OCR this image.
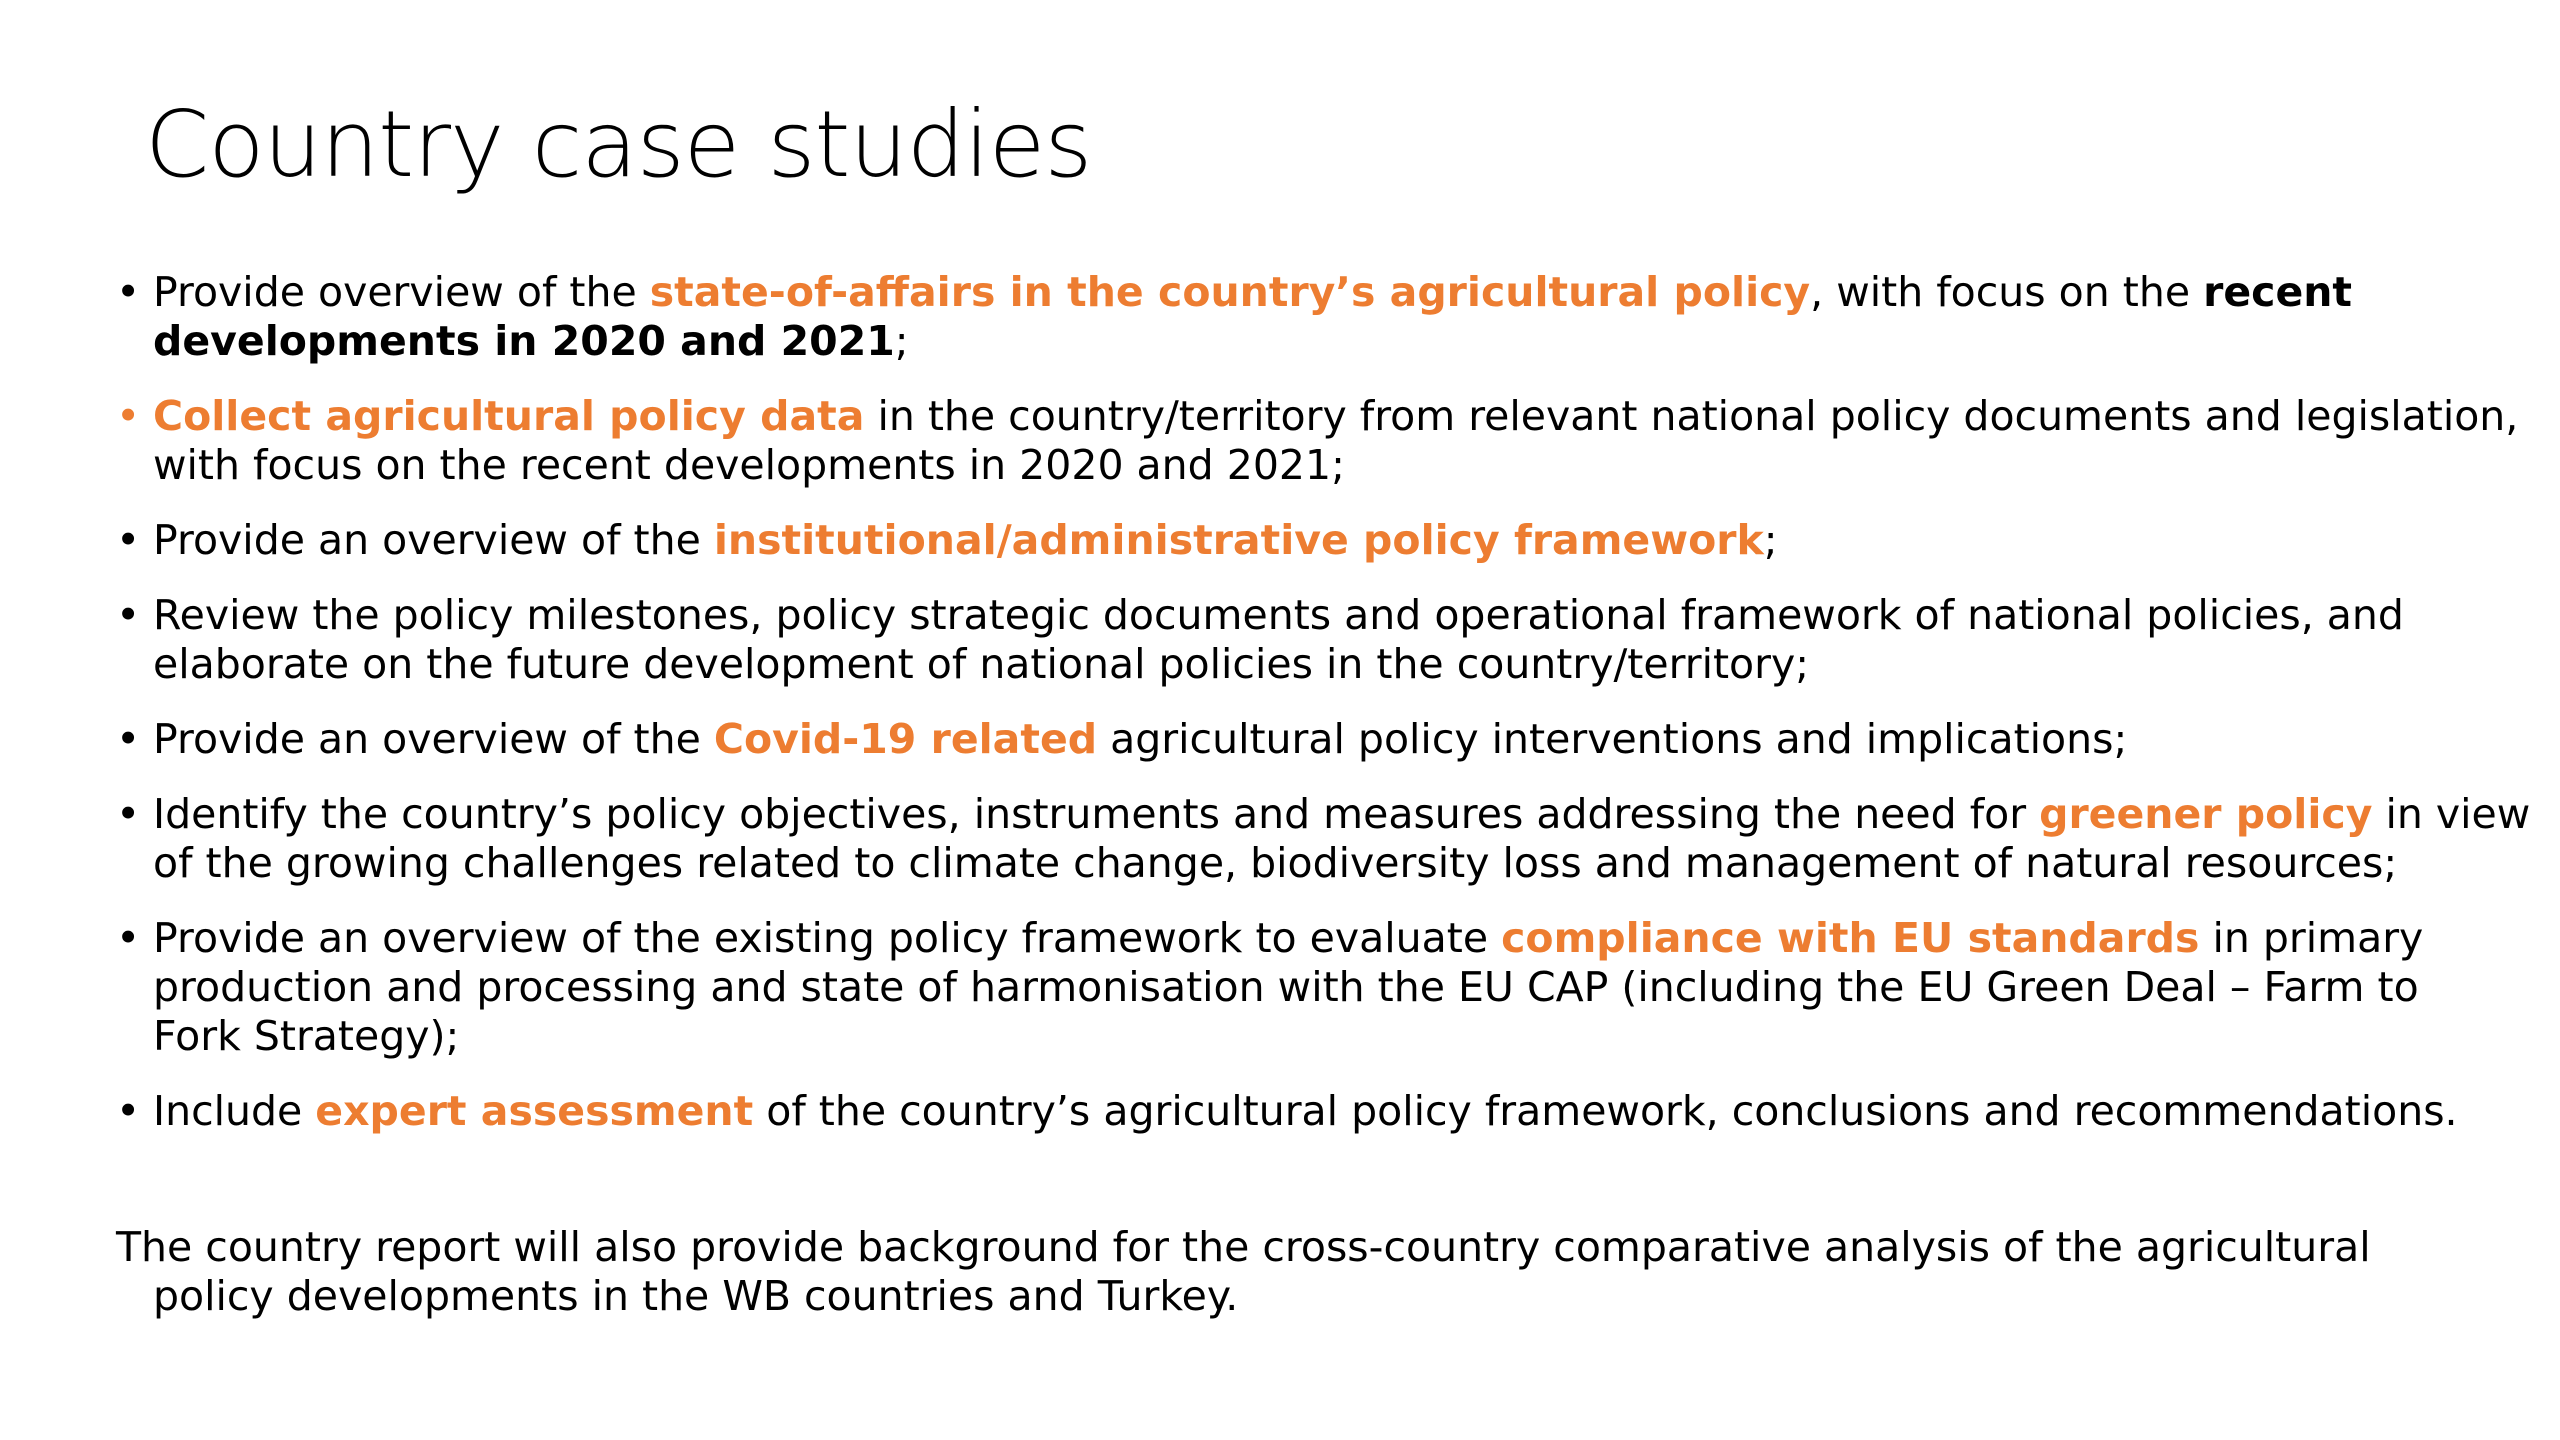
Country case studies
• Provide overview of the state-of-affairs in the country’s agricultural policy, with focus on the recent
developments in 2020 and 2021;
• Collect agricultural policy data in the country/territory from relevant national policy documents and legislation,
with focus on the recent developments in 2020 and 2021;
• Provide an overview of the institutional/administrative policy framework;
• Review the policy milestones, policy strategic documents and operational framework of national policies, and
elaborate on the future development of national policies in the country/territory;
• Provide an overview of the Covid-19 related agricultural policy interventions and implications;
• Identify the country’s policy objectives, instruments and measures addressing the need for greener policy in view
of the growing challenges related to climate change, biodiversity loss and management of natural resources;
• Provide an overview of the existing policy framework to evaluate compliance with EU standards in primary
production and processing and state of harmonisation with the EU CAP (including the EU Green Deal – Farm to
Fork Strategy);
• Include expert assessment of the country’s agricultural policy framework, conclusions and recommendations.

The country report will also provide background for the cross-country comparative analysis of the agricultural
policy developments in the WB countries and Turkey.
